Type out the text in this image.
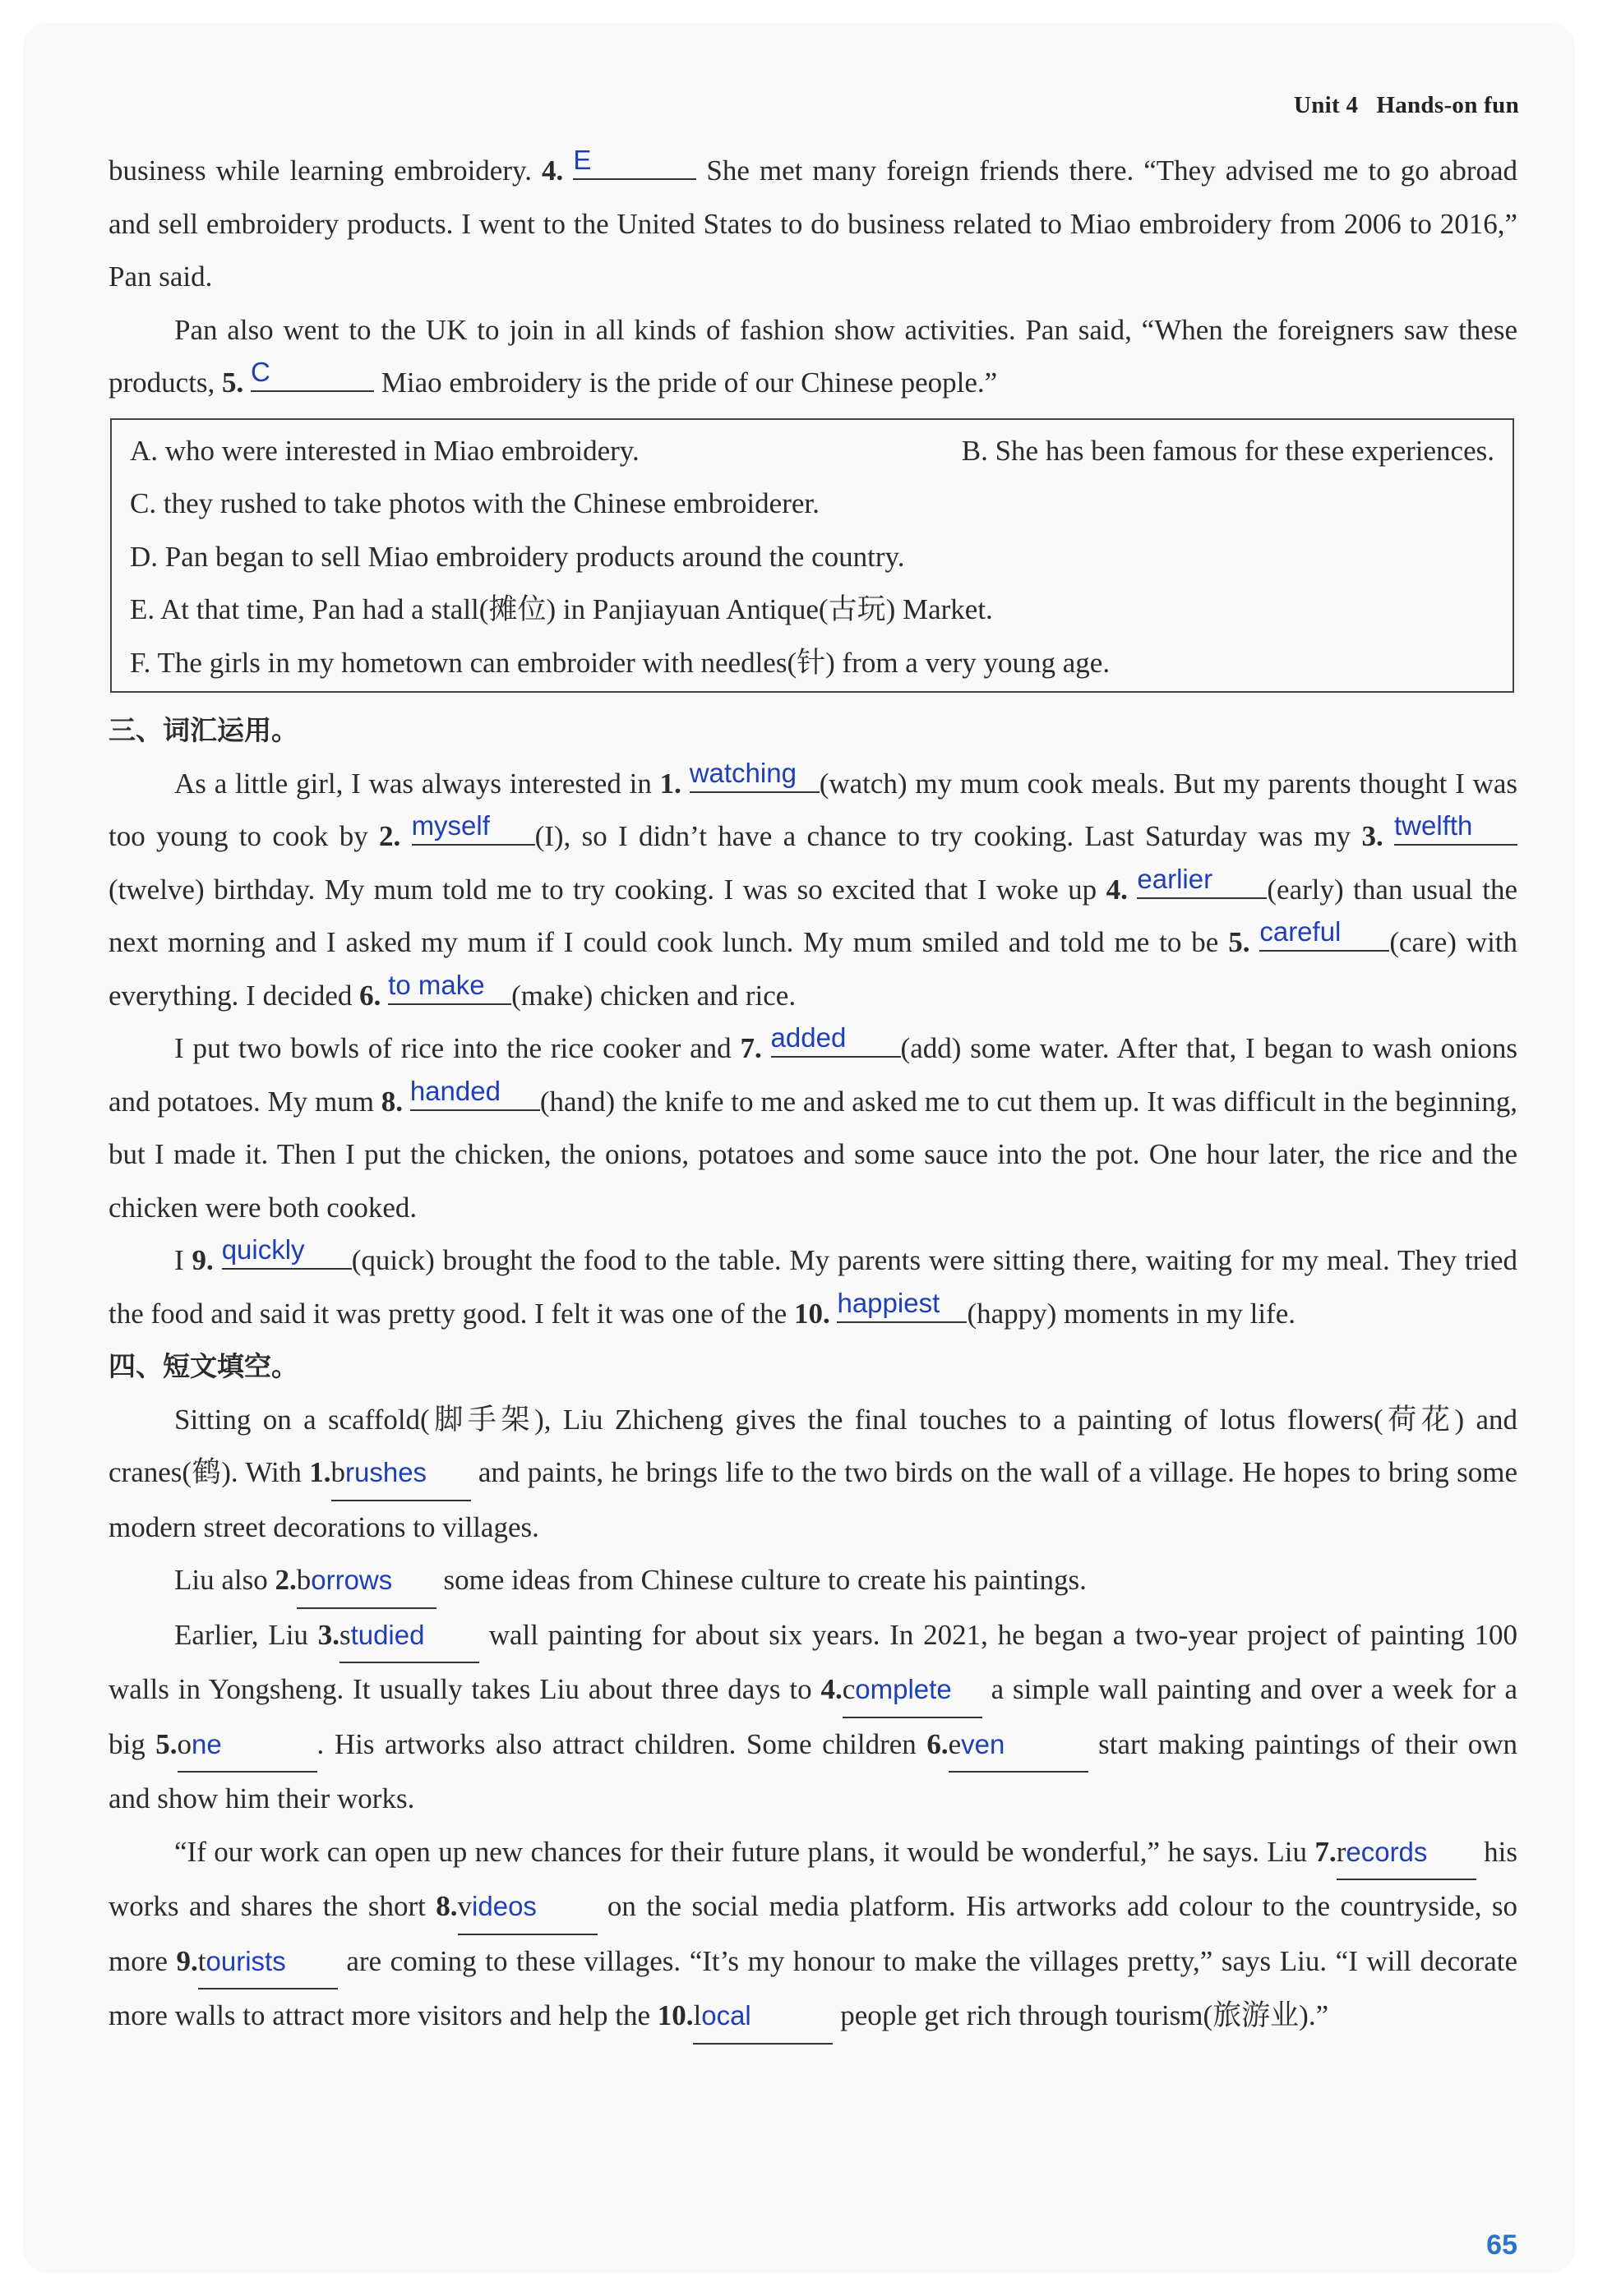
Unit 4 Hands-on fun
business while learning embroidery. 4. E	She met many foreign friends there. “They advised me to go abroad and sell embroidery products. I went to the United States to do business related to Miao embroidery from 2006 to 2016,” Pan said.
Pan also went to the UK to join in all kinds of fashion show activities. Pan said, “When the foreigners saw these products, 5. C	Miao embroidery is the pride of our Chinese people.”
A. who were interested in Miao embroidery.	B. She has been famous for these experiences.
C. they rushed to take photos with the Chinese embroiderer.
D. Pan began to sell Miao embroidery products around the country.
E. At that time, Pan had a stall(摊位) in Panjiayuan Antique(古玩) Market.
F. The girls in my hometown can embroider with needles(针) from a very young age.
三、词汇运用。
As a little girl, I was always interested in 1. watching (watch) my mum cook meals. But my parents thought I was too young to cook by 2. myself	(I), so I didn’t have a chance to try cooking. Last Saturday was my 3. twelfth
(twelve) birthday. My mum told me to try cooking. I was so excited that I woke up 4. earlier	(early) than usual the next morning and I asked my mum if I could cook lunch. My mum smiled and told me to be 5. careful	(care) with everything. I decided 6. to make (make) chicken and rice.
I put two bowls of rice into the rice cooker and 7. added	(add) some water. After that, I began to wash onions and potatoes. My mum 8. handed	(hand) the knife to me and asked me to cut them up. It was difficult in the beginning, but I made it. Then I put the chicken, the onions, potatoes and some sauce into the pot. One hour later, the rice and the chicken were both cooked.
I 9. quickly	(quick) brought the food to the table. My parents were sitting there, waiting for my meal. They tried the food and said it was pretty good. I felt it was one of the 10. happiest (happy) moments in my life.
四、短文填空。
Sitting on a scaffold(脚手架), Liu Zhicheng gives the final touches to a painting of lotus flowers(荷花) and cranes(鹤). With 1.brushes and paints, he brings life to the two birds on the wall of a village. He hopes to bring some modern street decorations to villages.
Liu also 2.borrows some ideas from Chinese culture to create his paintings.
Earlier, Liu 3.studied wall painting for about six years. In 2021, he began a two-year project of painting 100 walls in Yongsheng. It usually takes Liu about three days to 4.complete a simple wall painting and over a week for a big 5.one	. His artworks also attract children. Some children 6.even	start making paintings of their own and show him their works.
“If our work can open up new chances for their future plans, it would be wonderful,” he says. Liu 7.records his works and shares the short 8.videos on the social media platform. His artworks add colour to the countryside, so more 9.tourists are coming to these villages. “It’s my honour to make the villages pretty,” says Liu. “I will decorate more walls to attract more visitors and help the 10.local	people get rich through tourism(旅游业).”
65
